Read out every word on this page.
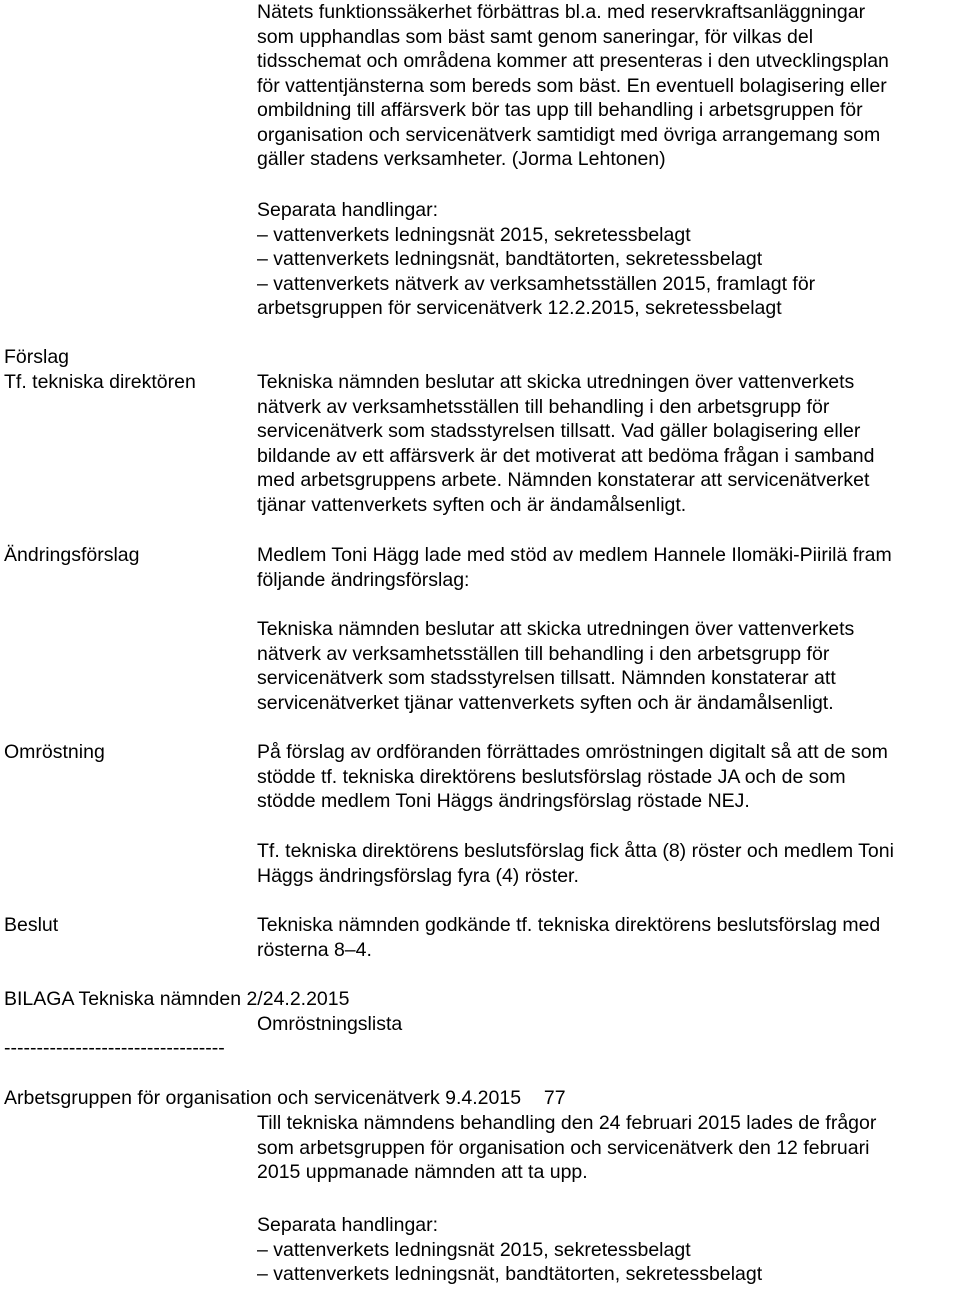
Nätets funktionssäkerhet förbättras bl.a. med reservkraftsanläggningar
som upphandlas som bäst samt genom saneringar, för vilkas del
tidsschemat och områdena kommer att presenteras i den utvecklingsplan
för vattentjänsterna som bereds som bäst. En eventuell bolagisering eller
ombildning till affärsverk bör tas upp till behandling i arbetsgruppen för
organisation och servicenätverk samtidigt med övriga arrangemang som
gäller stadens verksamheter. (Jorma Lehtonen)
Separata handlingar:
– vattenverkets ledningsnät 2015, sekretessbelagt
– vattenverkets ledningsnät, bandtätorten, sekretessbelagt
– vattenverkets nätverk av verksamhetsställen 2015, framlagt för
arbetsgruppen för servicenätverk 12.2.2015, sekretessbelagt
Förslag
Tf. tekniska direktören	Tekniska nämnden beslutar att skicka utredningen över vattenverkets
nätverk av verksamhetsställen till behandling i den arbetsgrupp för
servicenätverk som stadsstyrelsen tillsatt. Vad gäller bolagisering eller
bildande av ett affärsverk är det motiverat att bedöma frågan i samband
med arbetsgruppens arbete. Nämnden konstaterar att servicenätverket
tjänar vattenverkets syften och är ändamålsenligt.
Ändringsförslag	Medlem Toni Hägg lade med stöd av medlem Hannele Ilomäki-Piirilä fram
följande ändringsförslag:
Tekniska nämnden beslutar att skicka utredningen över vattenverkets
nätverk av verksamhetsställen till behandling i den arbetsgrupp för
servicenätverk som stadsstyrelsen tillsatt. Nämnden konstaterar att
servicenätverket tjänar vattenverkets syften och är ändamålsenligt.
Omröstning	På förslag av ordföranden förrättades omröstningen digitalt så att de som
stödde tf. tekniska direktörens beslutsförslag röstade JA och de som
stödde medlem Toni Häggs ändringsförslag röstade NEJ.
Tf. tekniska direktörens beslutsförslag fick åtta (8) röster och medlem Toni
Häggs ändringsförslag fyra (4) röster.
Beslut	Tekniska nämnden godkände tf. tekniska direktörens beslutsförslag med
rösterna 8–4.
BILAGA Tekniska nämnden 2/24.2.2015
Omröstningslista
----------------------------------
Arbetsgruppen för organisation och servicenätverk 9.4.2015 77
Till tekniska nämndens behandling den 24 februari 2015 lades de frågor
som arbetsgruppen för organisation och servicenätverk den 12 februari
2015 uppmanade nämnden att ta upp.
Separata handlingar:
– vattenverkets ledningsnät 2015, sekretessbelagt
– vattenverkets ledningsnät, bandtätorten, sekretessbelagt
